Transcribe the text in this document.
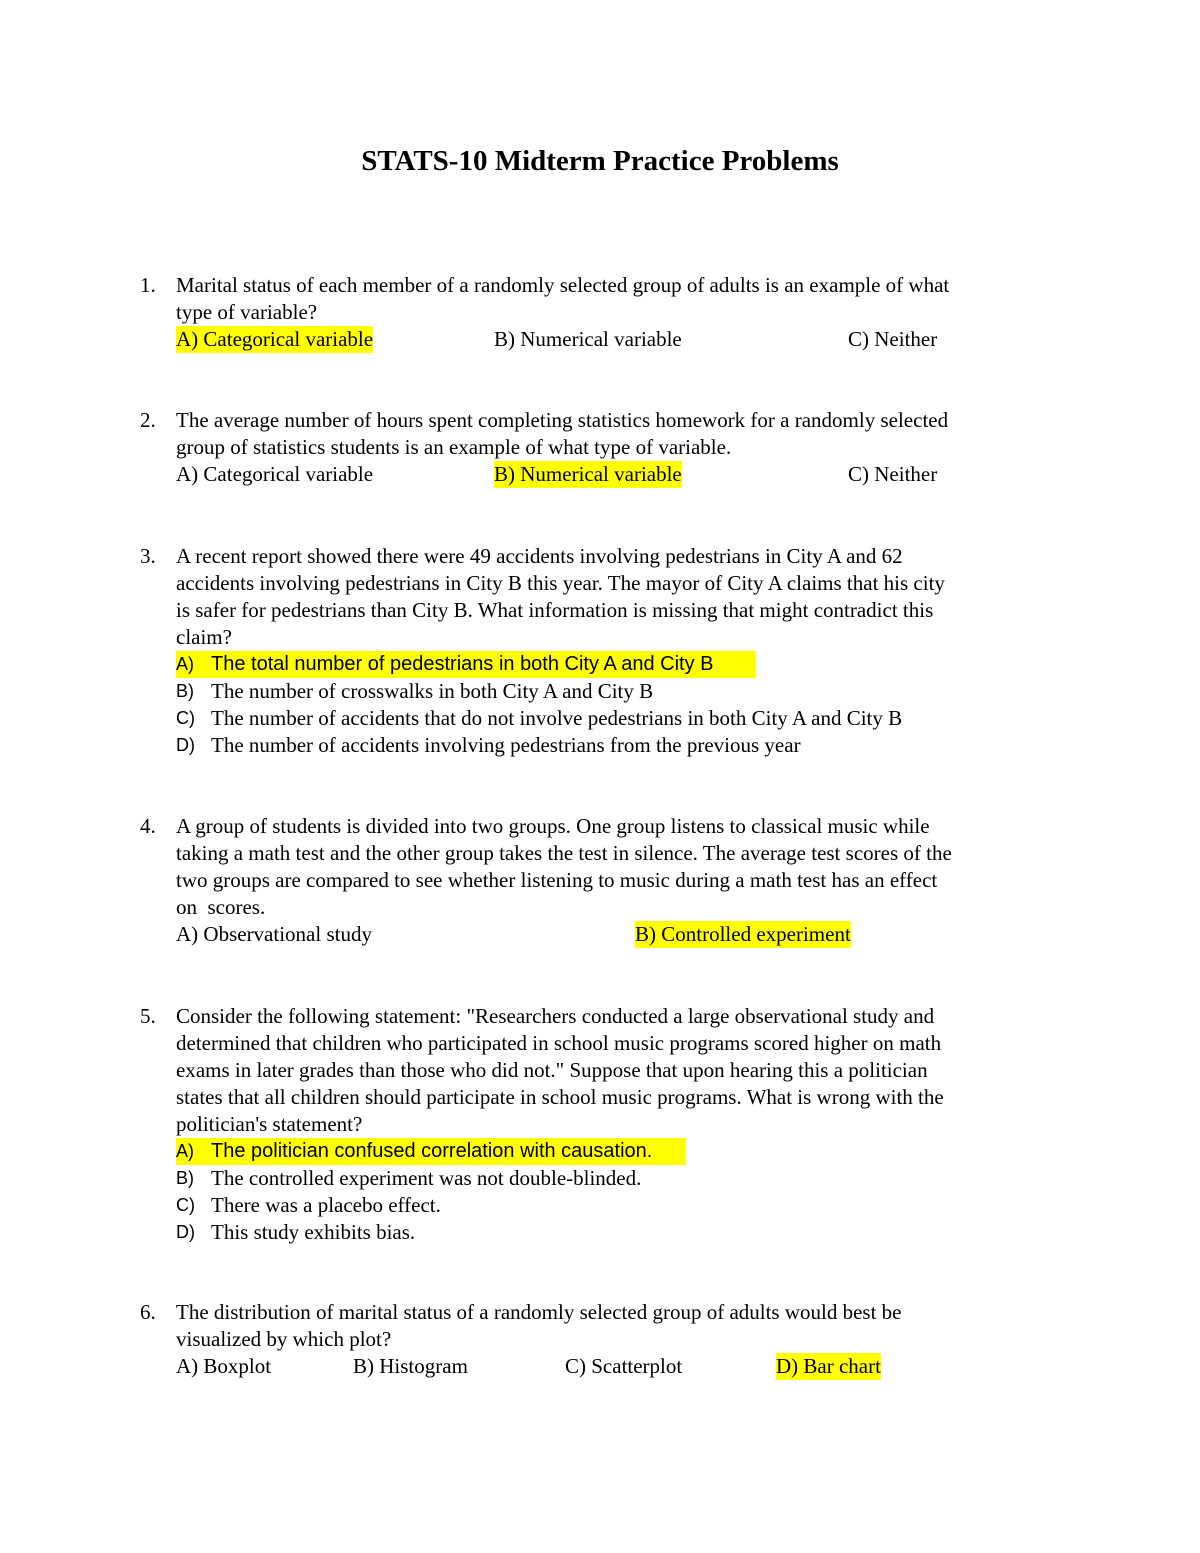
STATS-10 Midterm Practice Problems
1. Marital status of each member of a randomly selected group of adults is an example of what
type of variable?
A) Categorical variable	B) Numerical variable	C) Neither
2. The average number of hours spent completing statistics homework for a randomly selected
group of statistics students is an example of what type of variable.
A) Categorical variable	B) Numerical variable	C) Neither
3. A recent report showed there were 49 accidents involving pedestrians in City A and 62
accidents involving pedestrians in City B this year. The mayor of City A claims that his city
is safer for pedestrians than City B. What information is missing that might contradict this
claim?
A) The total number of pedestrians in both City A and City B
B) The number of crosswalks in both City A and City B
C) The number of accidents that do not involve pedestrians in both City A and City B
D) The number of accidents involving pedestrians from the previous year
4. A group of students is divided into two groups. One group listens to classical music while
taking a math test and the other group takes the test in silence. The average test scores of the
two groups are compared to see whether listening to music during a math test has an effect
on  scores.
A) Observational study	B) Controlled experiment
5. Consider the following statement: "Researchers conducted a large observational study and
determined that children who participated in school music programs scored higher on math
exams in later grades than those who did not." Suppose that upon hearing this a politician
states that all children should participate in school music programs. What is wrong with the
politician's statement?
A) The politician confused correlation with causation.
B) The controlled experiment was not double-blinded.
C) There was a placebo effect.
D) This study exhibits bias.
6. The distribution of marital status of a randomly selected group of adults would best be
visualized by which plot?
A) Boxplot	B) Histogram	C) Scatterplot	D) Bar chart
